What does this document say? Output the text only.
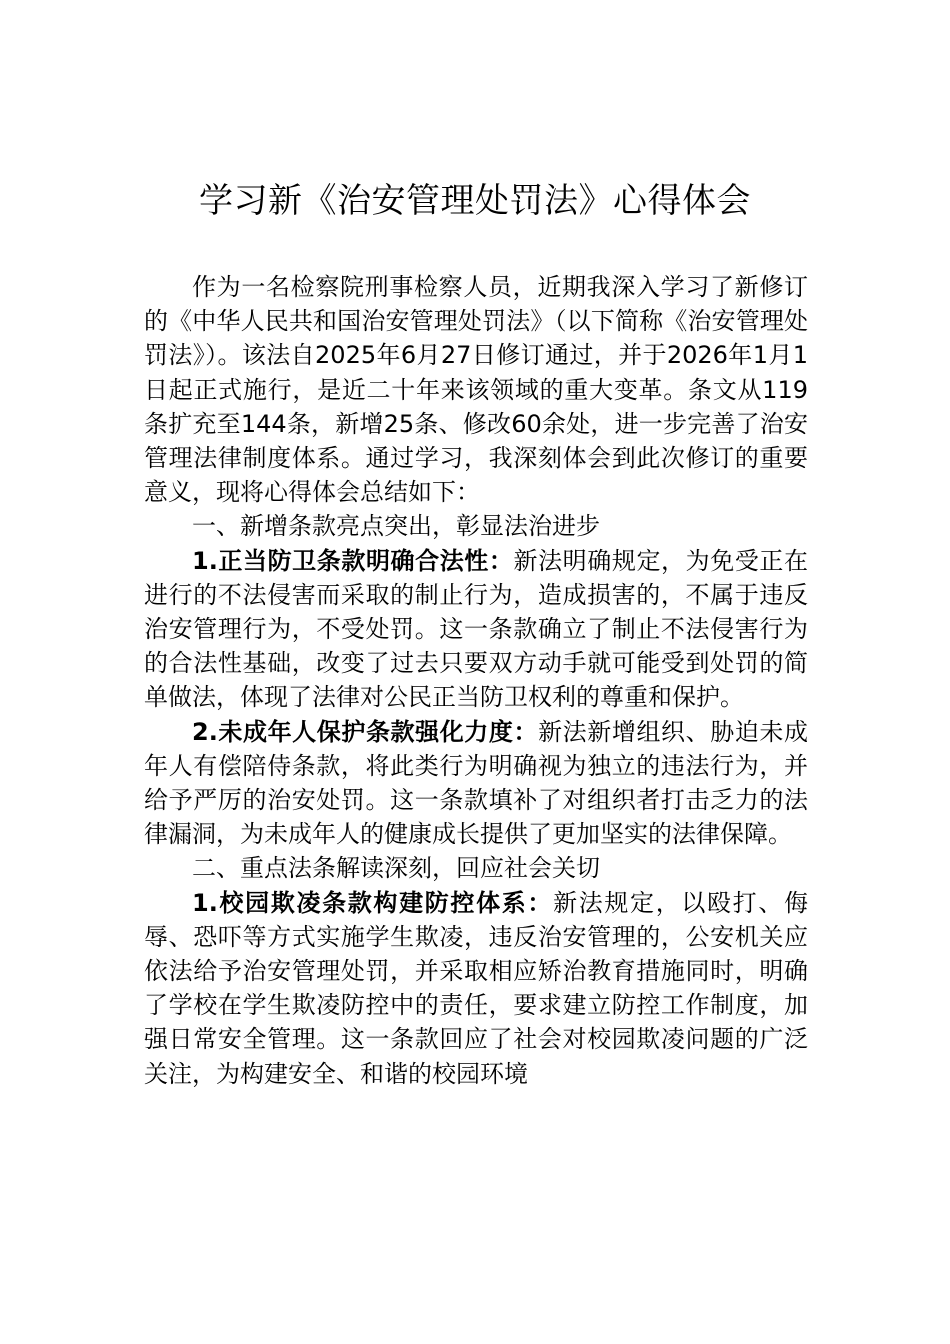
学习新《治安管理处罚法》心得体会

作为一名检察院刑事检察人员，近期我深入学习了新修订的《中华人民共和国治安管理处罚法》（以下简称《治安管理处罚法》）。该法自2025年6月27日修订通过，并于2026年1月1日起正式施行，是近二十年来该领域的重大变革。条文从119条扩充至144条，新增25条、修改60余处，进一步完善了治安管理法律制度体系。通过学习，我深刻体会到此次修订的重要意义，现将心得体会总结如下：

一、新增条款亮点突出，彰显法治进步

1.正当防卫条款明确合法性：新法明确规定，为免受正在进行的不法侵害而采取的制止行为，造成损害的，不属于违反治安管理行为，不受处罚。这一条款确立了制止不法侵害行为的合法性基础，改变了过去只要双方动手就可能受到处罚的简单做法，体现了法律对公民正当防卫权利的尊重和保护。

2.未成年人保护条款强化力度：新法新增组织、胁迫未成年人有偿陪侍条款，将此类行为明确视为独立的违法行为，并给予严厉的治安处罚。这一条款填补了对组织者打击乏力的法律漏洞，为未成年人的健康成长提供了更加坚实的法律保障。

二、重点法条解读深刻，回应社会关切

1.校园欺凌条款构建防控体系：新法规定，以殴打、侮辱、恐吓等方式实施学生欺凌，违反治安管理的，公安机关应依法给予治安管理处罚，并采取相应矫治教育措施同时，明确了学校在学生欺凌防控中的责任，要求建立防控工作制度，加强日常安全管理。这一条款回应了社会对校园欺凌问题的广泛关注，为构建安全、和谐的校园环境
